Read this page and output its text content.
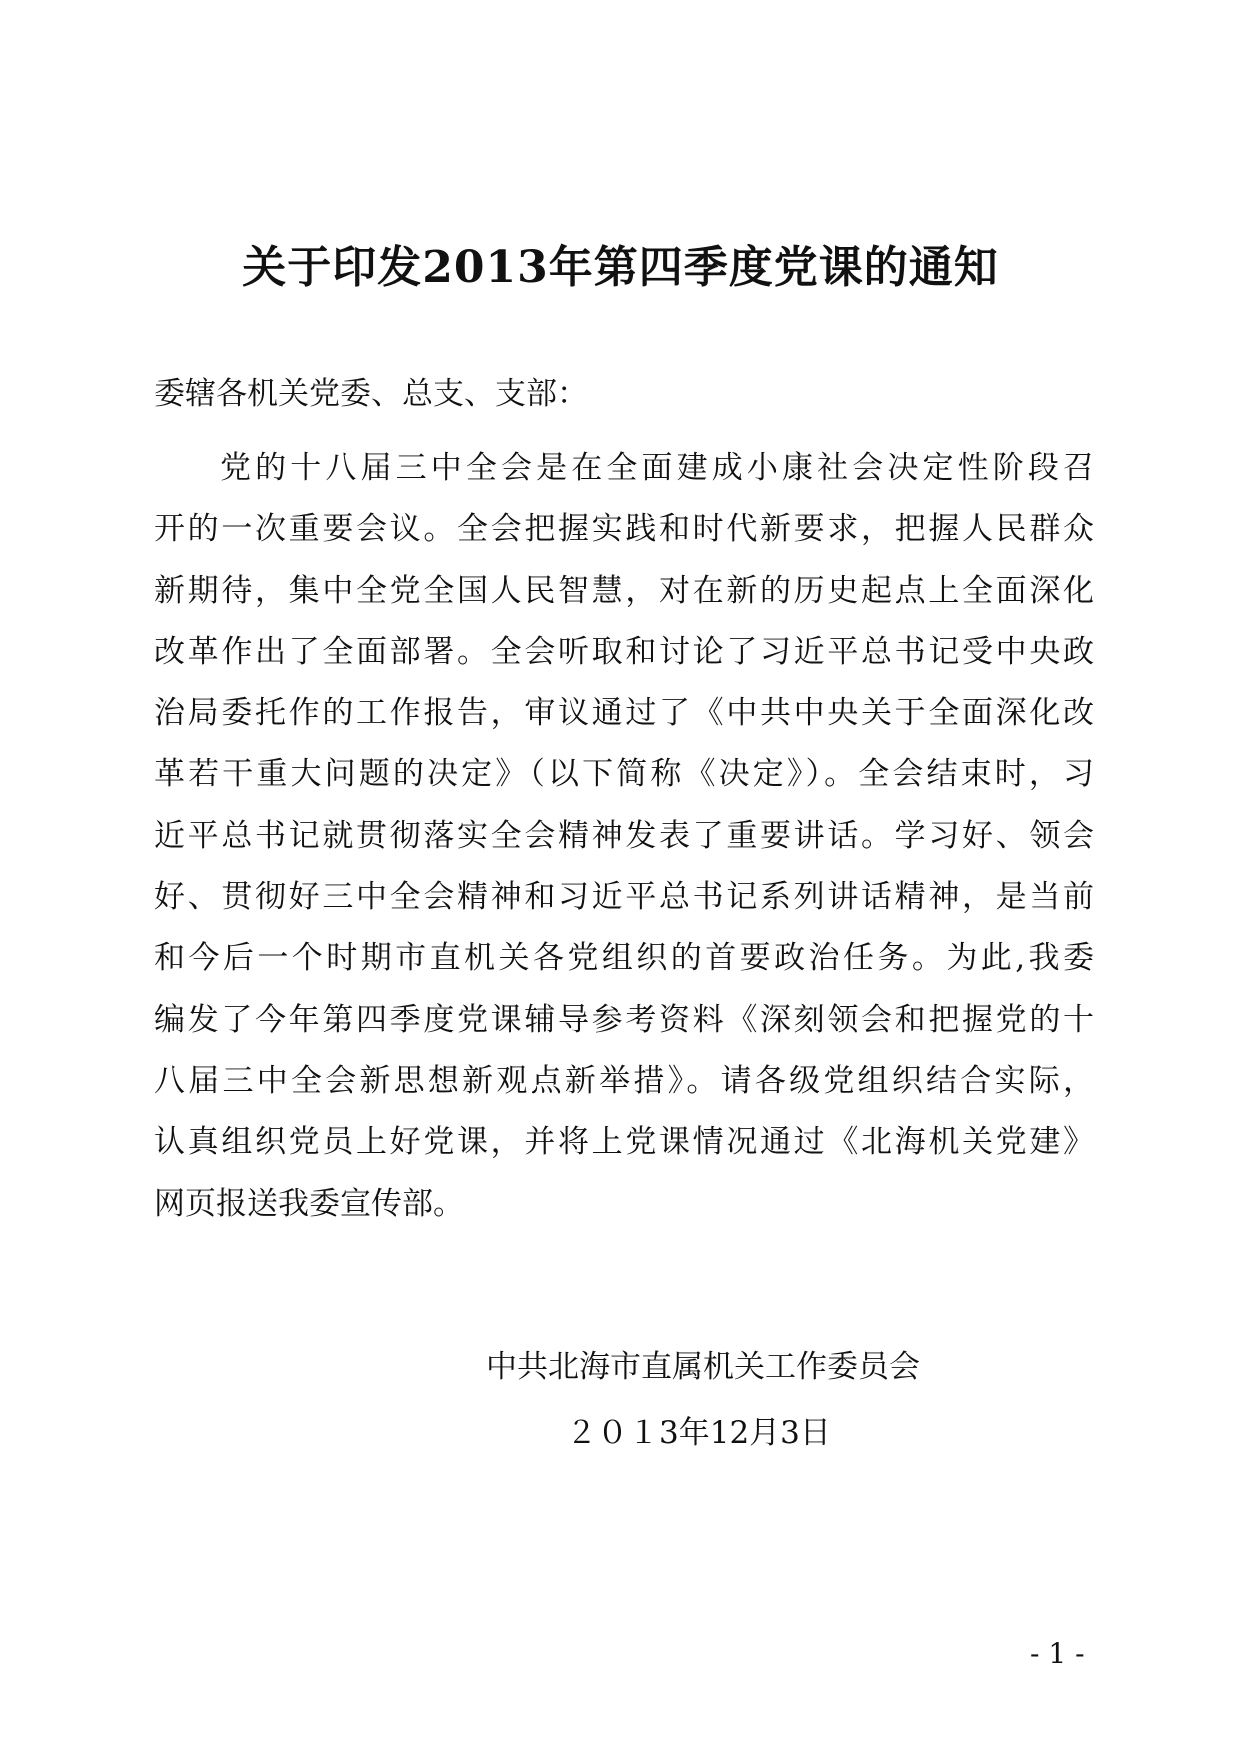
关于印发2013年第四季度党课的通知
委辖各机关党委、总支、支部：
党的十八届三中全会是在全面建成小康社会决定性阶段召
开的一次重要会议。全会把握实践和时代新要求，把握人民群众
新期待，集中全党全国人民智慧，对在新的历史起点上全面深化
改革作出了全面部署。全会听取和讨论了习近平总书记受中央政
治局委托作的工作报告，审议通过了《中共中央关于全面深化改
革若干重大问题的决定》（以下简称《决定》）。全会结束时，习
近平总书记就贯彻落实全会精神发表了重要讲话。学习好、领会
好、贯彻好三中全会精神和习近平总书记系列讲话精神，是当前
和今后一个时期市直机关各党组织的首要政治任务。为此,我委
编发了今年第四季度党课辅导参考资料《深刻领会和把握党的十
八届三中全会新思想新观点新举措》。请各级党组织结合实际，
认真组织党员上好党课，并将上党课情况通过《北海机关党建》
网页报送我委宣传部。
中共北海市直属机关工作委员会
２０１3年12月3日
- 1 -
